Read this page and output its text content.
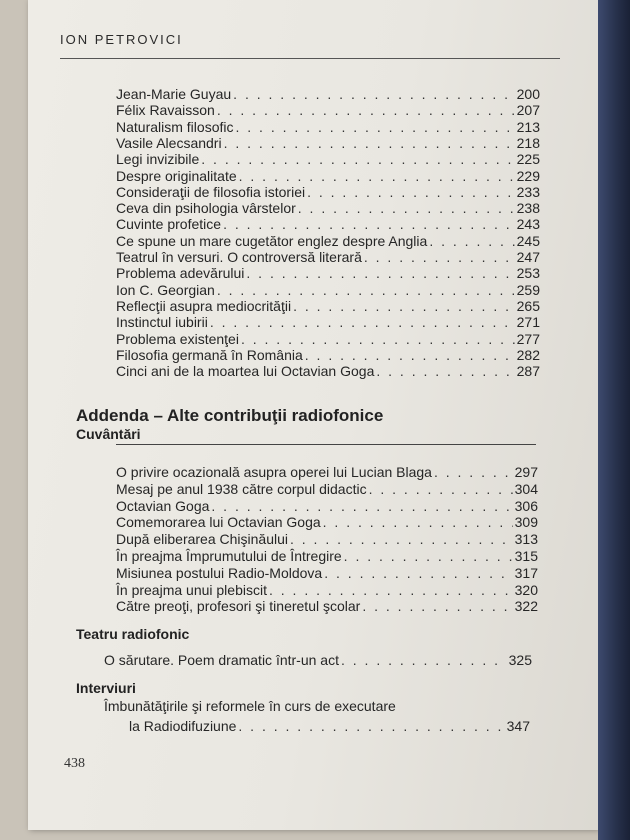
ION PETROVICI
Addenda – Alte contribuţii radiofonice
Cuvântări
Teatru radiofonic
Interviuri
Îmbunătăţirile şi reformele în curs de executare
la Radiodifuziune . . .	347
Jean-Marie Guyau . . .	200
Félix Ravaisson . . .	207
Naturalism filosofic . . .	213
Vasile Alecsandri . . .	218
Legi invizibile . . .	225
Despre originalitate . . .	229
Consideraţii de filosofia istoriei . . .	233
Ceva din psihologia vârstelor . . .	238
Cuvinte profetice . . .	243
Ce spune un mare cugetător englez despre Anglia . . .	245
Teatrul în versuri. O controversă literară . . .	247
Problema adevărului . . .	253
Ion C. Georgian . . .	259
Reflecţii asupra mediocrităţii . . .	265
Instinctul iubirii . . .	271
Problema existenţei . . .	277
Filosofia germană în România . . .	282
Cinci ani de la moartea lui Octavian Goga . . .	287
O privire ocazională asupra operei lui Lucian Blaga . . .	297
Mesaj pe anul 1938 către corpul didactic . . .	304
Octavian Goga . . .	306
Comemorarea lui Octavian Goga . . .	309
După eliberarea Chişinăului . . .	313
În preajma Împrumutului de Întregire . . .	315
Misiunea postului Radio-Moldova . . .	317
În preajma unui plebiscit . . .	320
Către preoţi, profesori şi tineretul şcolar . . .	322
O sărutare. Poem dramatic într-un act . . .	325
438
